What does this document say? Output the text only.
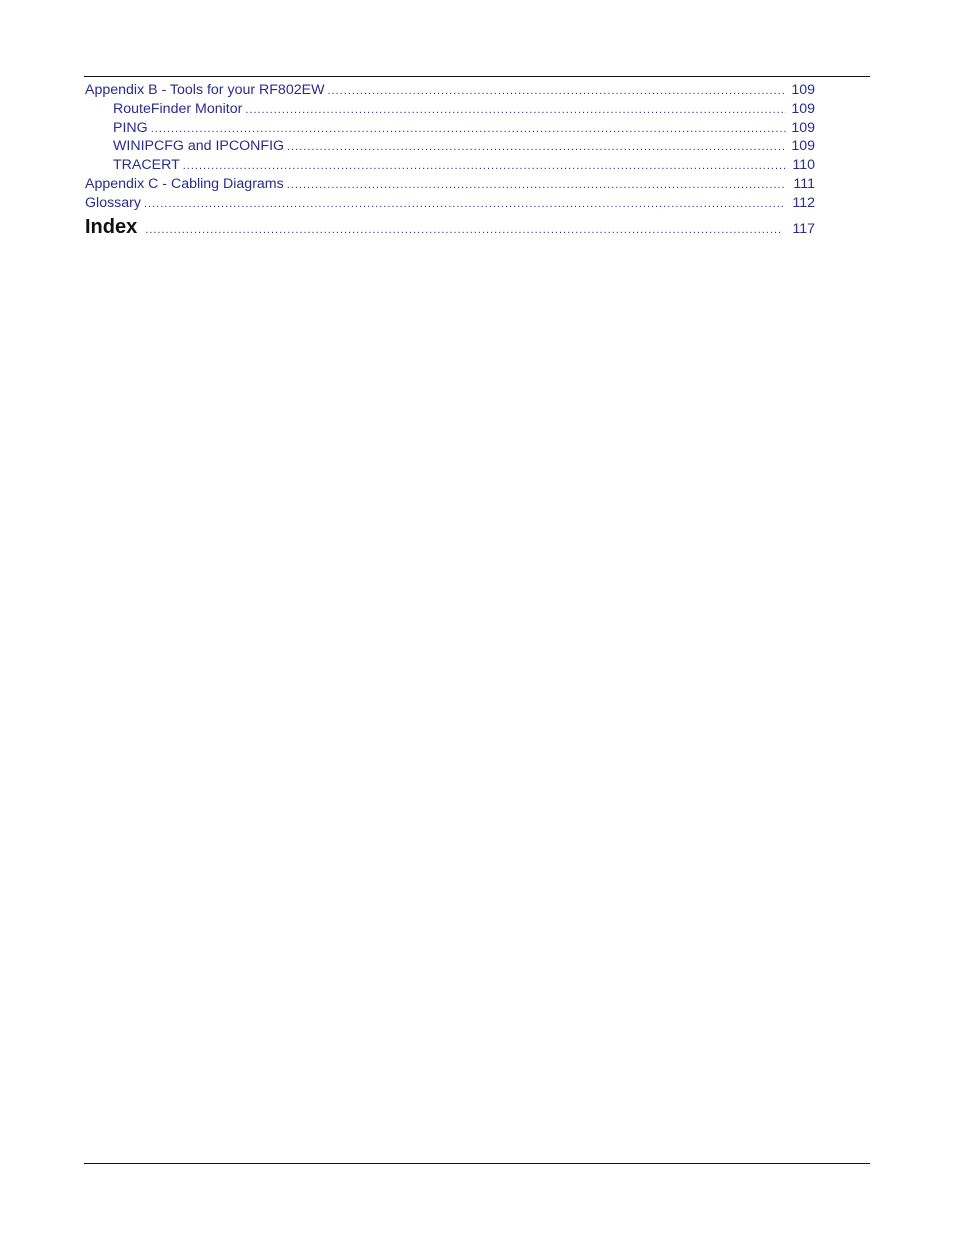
Appendix B - Tools for your RF802EW .....	109
RouteFinder Monitor .....	109
PING .....	109
WINIPCFG and IPCONFIG .....	109
TRACERT .....	110
Appendix C - Cabling Diagrams .....	111
Glossary .....	112
Index .....	117
